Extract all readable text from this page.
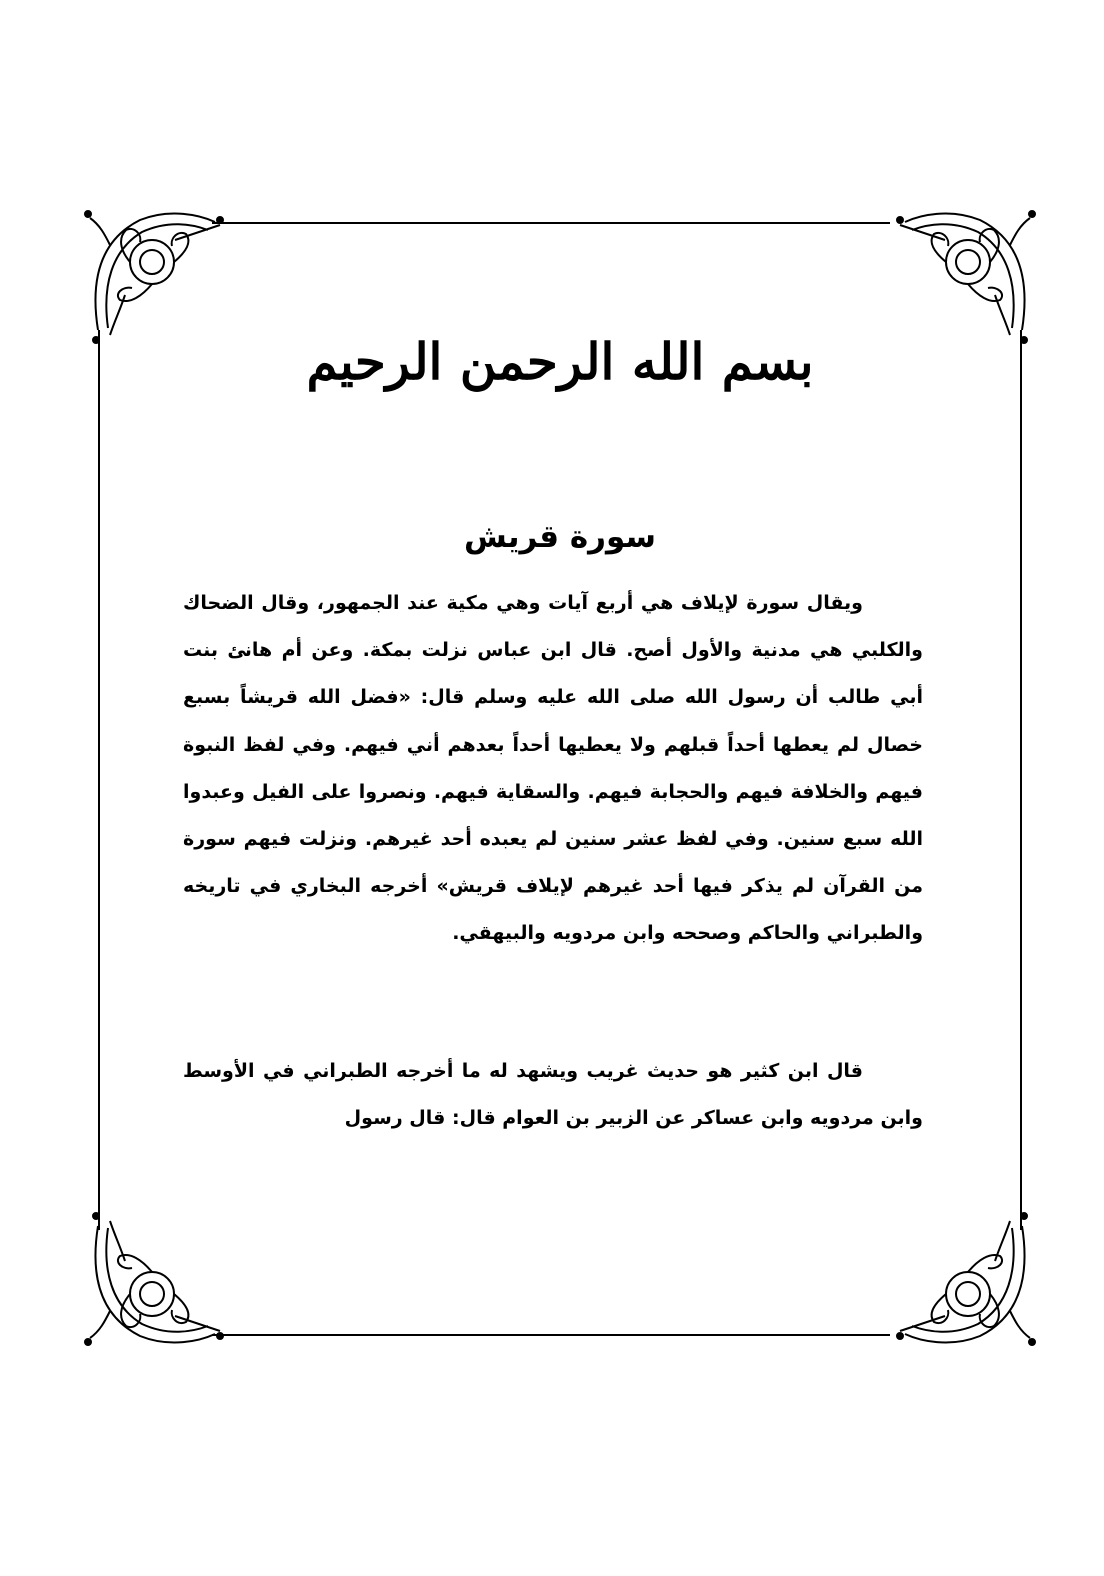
بسم الله الرحمن الرحيم
سورة قريش

ويقال سورة لإيلاف هي أربع آيات وهي مكية عند الجمهور، وقال الضحاك والكلبي هي مدنية والأول أصح. قال ابن عباس نزلت بمكة. وعن أم هانئ بنت أبي طالب أن رسول الله صلى الله عليه وسلم قال: «فضل الله قريشاً بسبع خصال لم يعطها أحداً قبلهم ولا يعطيها أحداً بعدهم أني فيهم. وفي لفظ النبوة فيهم والخلافة فيهم والحجابة فيهم. والسقاية فيهم. ونصروا على الفيل وعبدوا الله سبع سنين. وفي لفظ عشر سنين لم يعبده أحد غيرهم. ونزلت فيهم سورة من القرآن لم يذكر فيها أحد غيرهم لإيلاف قريش» أخرجه البخاري في تاريخه والطبراني والحاكم وصححه وابن مردويه والبيهقي.

قال ابن كثير هو حديث غريب ويشهد له ما أخرجه الطبراني في الأوسط وابن مردويه وابن عساكر عن الزبير بن العوام قال: قال رسول
